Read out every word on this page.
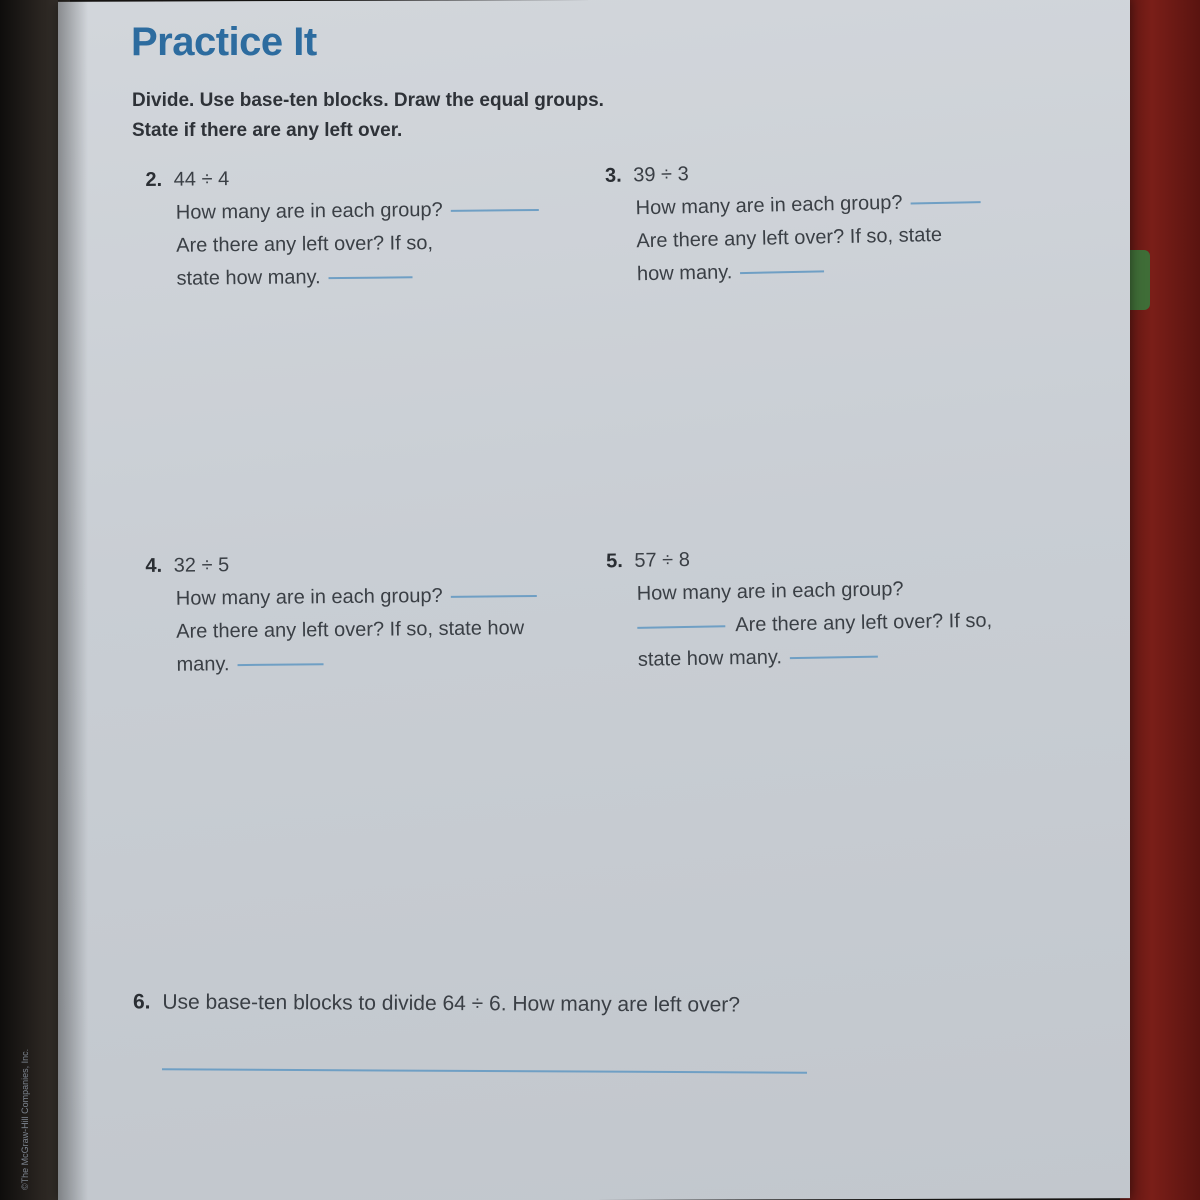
Practice It

Divide. Use base-ten blocks. Draw the equal groups.
State if there are any left over.

2. 44 ÷ 4
How many are in each group?
Are there any left over? If so,
state how many.
3. 39 ÷ 3
How many are in each group?
Are there any left over? If so, state
how many.
4. 32 ÷ 5
How many are in each group?
Are there any left over? If so, state how
many.
5. 57 ÷ 8
How many are in each group?
Are there any left over? If so,
state how many.
6. Use base-ten blocks to divide 64 ÷ 6. How many are left over?
©The McGraw-Hill Companies, Inc.
